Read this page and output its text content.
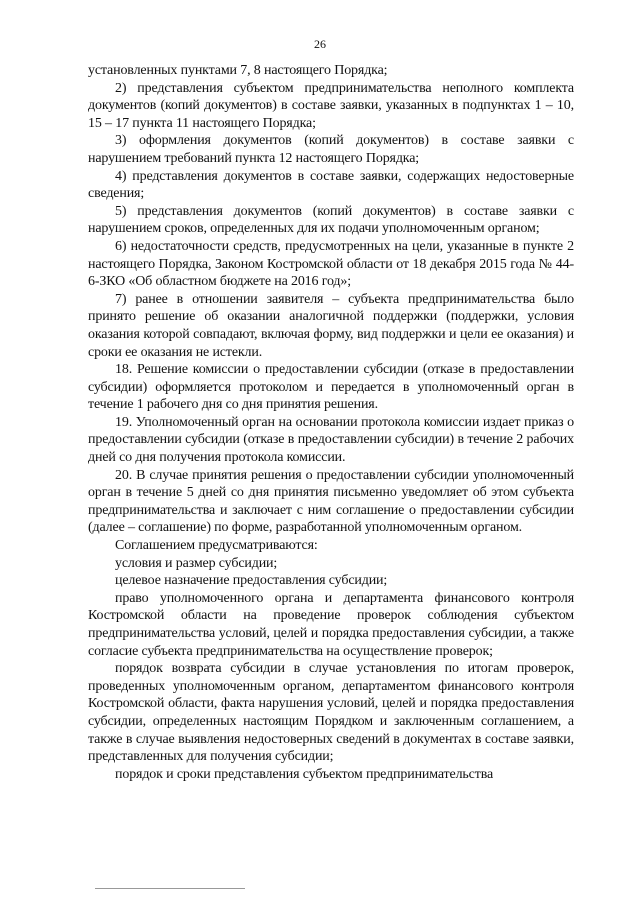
26

установленных пунктами 7, 8 настоящего Порядка;

2) представления субъектом предпринимательства неполного комплекта документов (копий документов) в составе заявки, указанных в подпунктах 1 – 10, 15 – 17 пункта 11 настоящего Порядка;

3) оформления документов (копий документов) в составе заявки с нарушением требований пункта 12 настоящего Порядка;

4) представления документов в составе заявки, содержащих недостоверные сведения;

5) представления документов (копий документов) в составе заявки с нарушением сроков, определенных для их подачи уполномоченным органом;

6) недостаточности средств, предусмотренных на цели, указанные в пункте 2 настоящего Порядка, Законом Костромской области от 18 декабря 2015 года № 44-6-ЗКО «Об областном бюджете на 2016 год»;

7) ранее в отношении заявителя – субъекта предпринимательства было принято решение об оказании аналогичной поддержки (поддержки, условия оказания которой совпадают, включая форму, вид поддержки и цели ее оказания) и сроки ее оказания не истекли.

18. Решение комиссии о предоставлении субсидии (отказе в предоставлении субсидии) оформляется протоколом и передается в уполномоченный орган в течение 1 рабочего дня со дня принятия решения.

19. Уполномоченный орган на основании протокола комиссии издает приказ о предоставлении субсидии (отказе в предоставлении субсидии) в течение 2 рабочих дней со дня получения протокола комиссии.

20. В случае принятия решения о предоставлении субсидии уполномоченный орган в течение 5 дней со дня принятия письменно уведомляет об этом субъекта предпринимательства и заключает с ним соглашение о предоставлении субсидии (далее – соглашение) по форме, разработанной уполномоченным органом.

Соглашением предусматриваются:

условия и размер субсидии;

целевое назначение предоставления субсидии;

право уполномоченного органа и департамента финансового контроля Костромской области на проведение проверок соблюдения субъектом предпринимательства условий, целей и порядка предоставления субсидии, а также согласие субъекта предпринимательства на осуществление проверок;

порядок возврата субсидии в случае установления по итогам проверок, проведенных уполномоченным органом, департаментом финансового контроля Костромской области, факта нарушения условий, целей и порядка предоставления субсидии, определенных настоящим Порядком и заключенным соглашением, а также в случае выявления недостоверных сведений в документах в составе заявки, представленных для получения субсидии;

порядок и сроки представления субъектом предпринимательства
